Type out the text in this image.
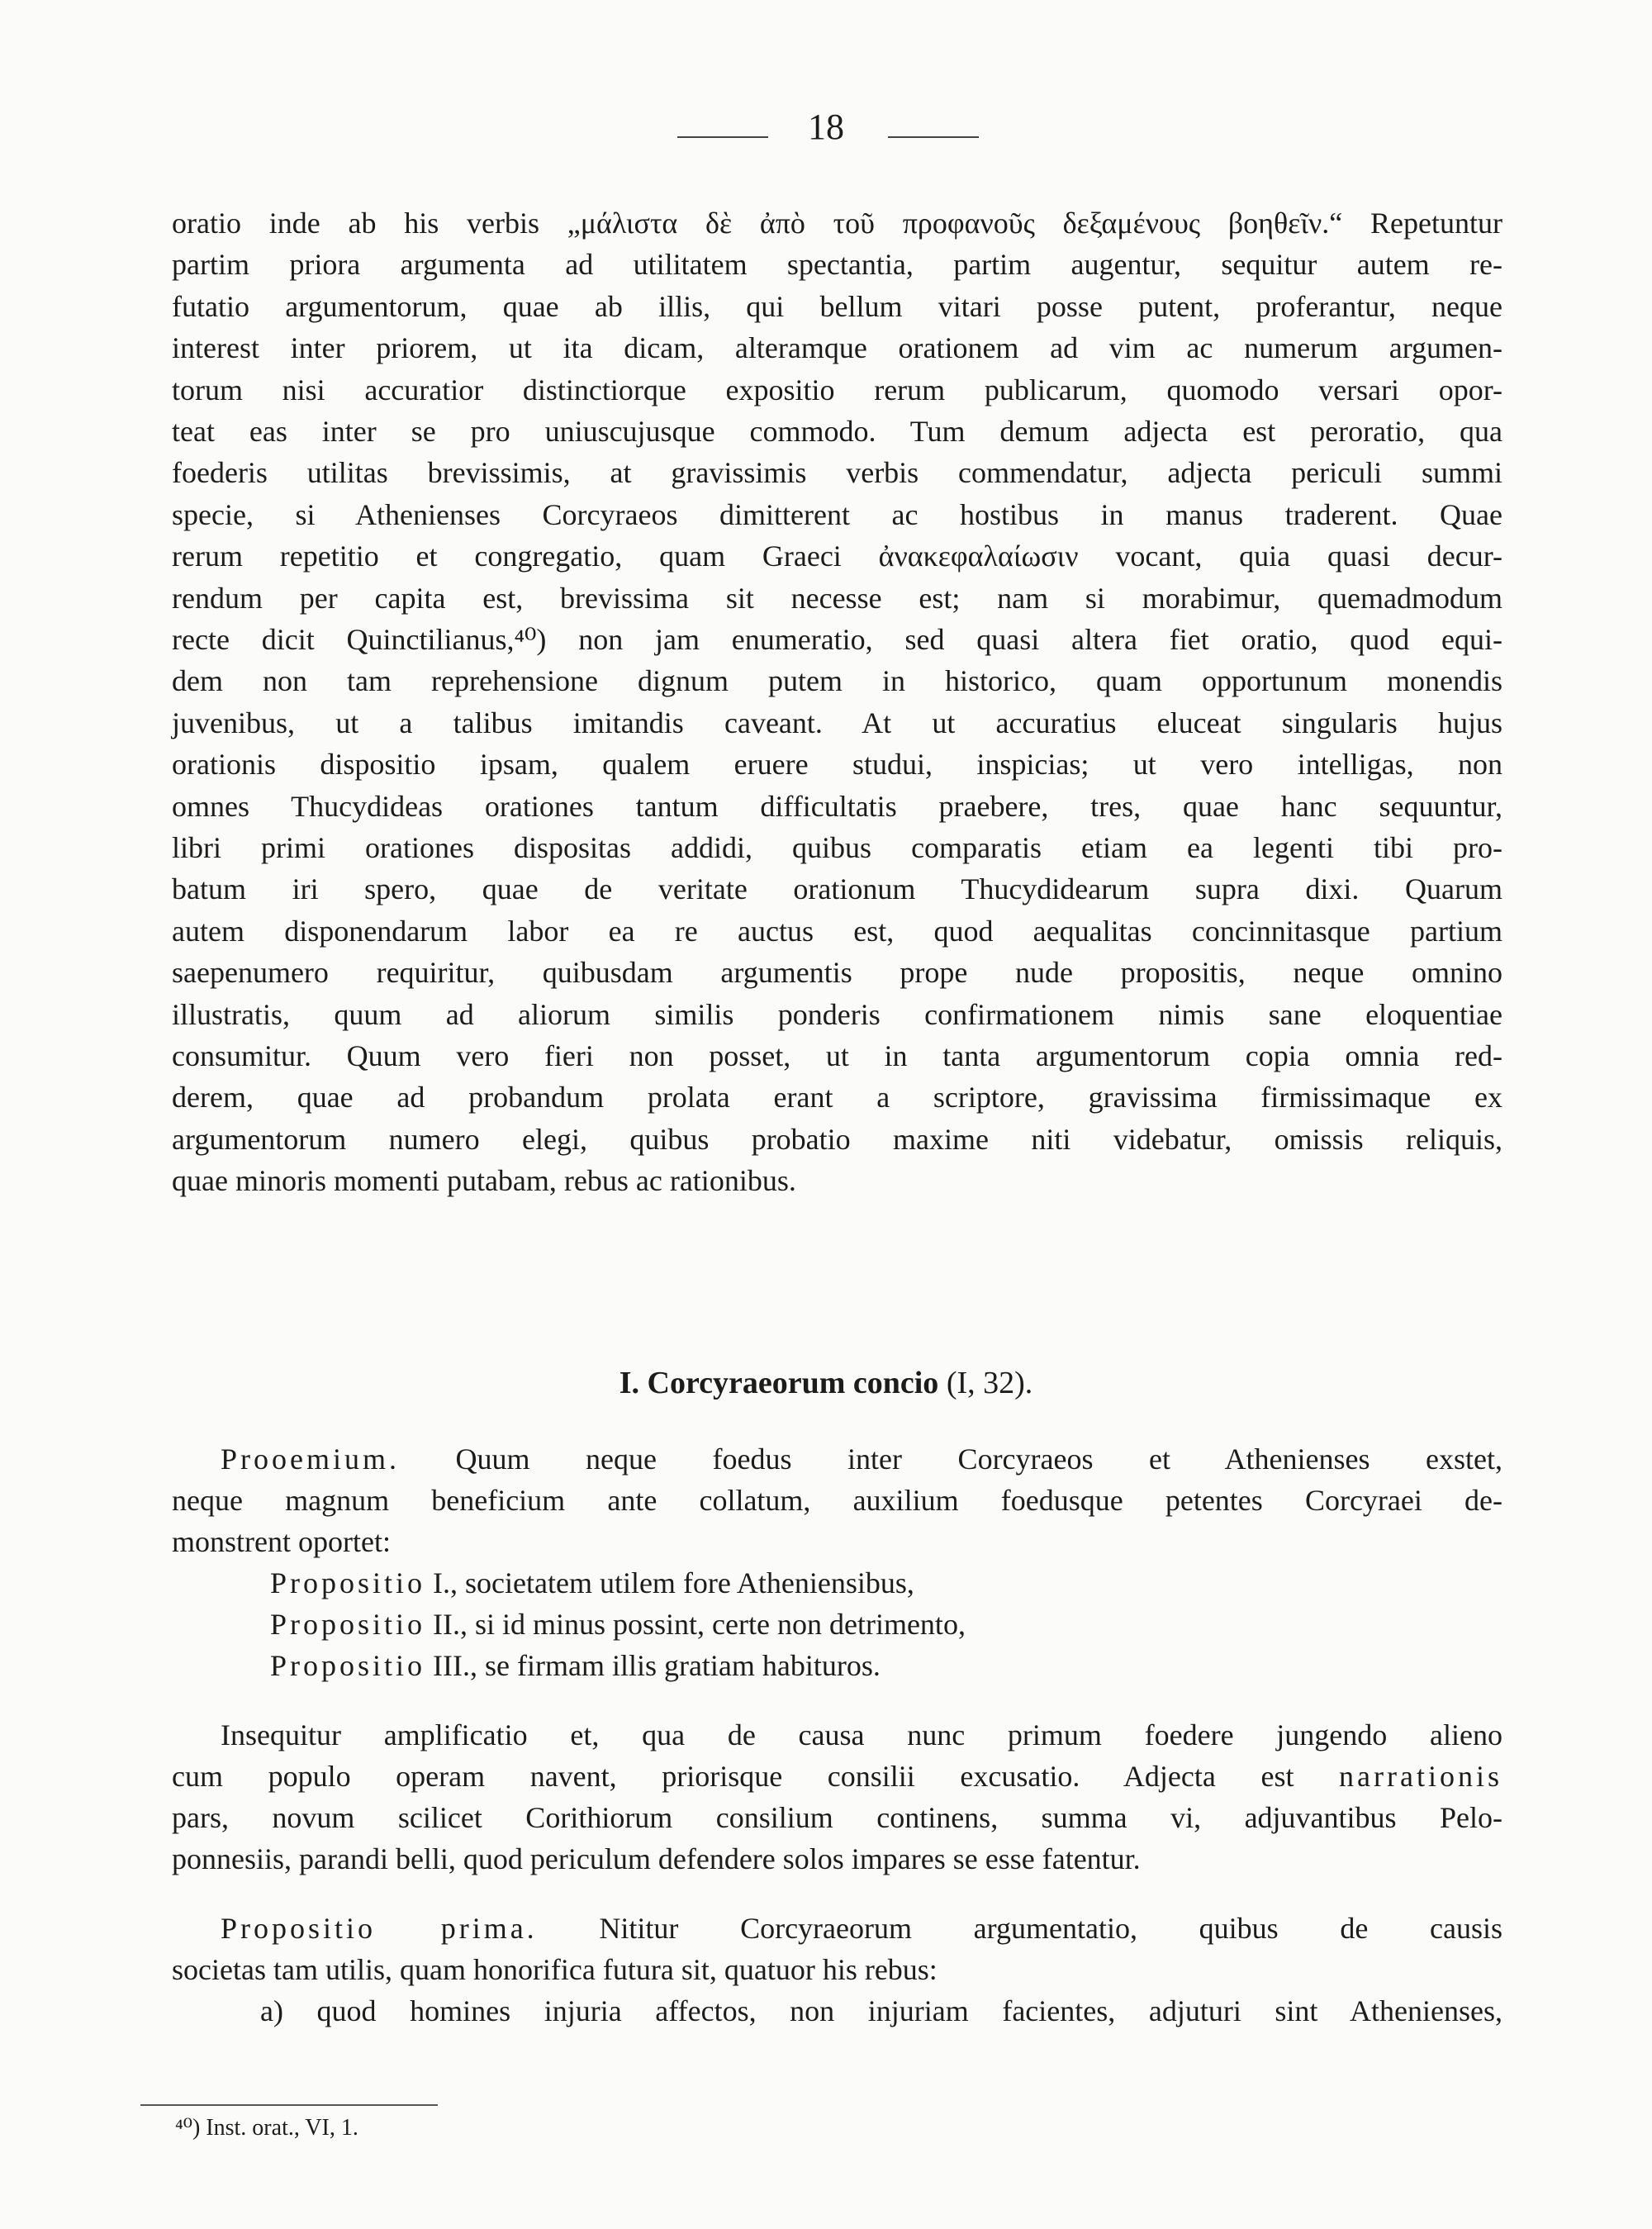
18
oratio inde ab his verbis „μάλιστα δὲ ἀπὸ τοῦ προφανοῦς δεξαμένους βοηθεῖν.“ Repetuntur
partim priora argumenta ad utilitatem spectantia, partim augentur, sequitur autem re-
futatio argumentorum, quae ab illis, qui bellum vitari posse putent, proferantur, neque
interest inter priorem, ut ita dicam, alteramque orationem ad vim ac numerum argumen-
torum nisi accuratior distinctiorque expositio rerum publicarum, quomodo versari opor-
teat eas inter se pro uniuscujusque commodo. Tum demum adjecta est peroratio, qua
foederis utilitas brevissimis, at gravissimis verbis commendatur, adjecta periculi summi
specie, si Athenienses Corcyraeos dimitterent ac hostibus in manus traderent. Quae
rerum repetitio et congregatio, quam Graeci ἀνακεφαλαίωσιν vocant, quia quasi decur-
rendum per capita est, brevissima sit necesse est; nam si morabimur, quemadmodum
recte dicit Quinctilianus,⁴⁰) non jam enumeratio, sed quasi altera fiet oratio, quod equi-
dem non tam reprehensione dignum putem in historico, quam opportunum monendis
juvenibus, ut a talibus imitandis caveant. At ut accuratius eluceat singularis hujus
orationis dispositio ipsam, qualem eruere studui, inspicias; ut vero intelligas, non
omnes Thucydideas orationes tantum difficultatis praebere, tres, quae hanc sequuntur,
libri primi orationes dispositas addidi, quibus comparatis etiam ea legenti tibi pro-
batum iri spero, quae de veritate orationum Thucydidearum supra dixi. Quarum
autem disponendarum labor ea re auctus est, quod aequalitas concinnitasque partium
saepenumero requiritur, quibusdam argumentis prope nude propositis, neque omnino
illustratis, quum ad aliorum similis ponderis confirmationem nimis sane eloquentiae
consumitur. Quum vero fieri non posset, ut in tanta argumentorum copia omnia red-
derem, quae ad probandum prolata erant a scriptore, gravissima firmissimaque ex
argumentorum numero elegi, quibus probatio maxime niti videbatur, omissis reliquis,
quae minoris momenti putabam, rebus ac rationibus.
I. Corcyraeorum concio (I, 32).
Prooemium. Quum neque foedus inter Corcyraeos et Athenienses exstet,
neque magnum beneficium ante collatum, auxilium foedusque petentes Corcyraei de-
monstrent oportet:
Propositio I., societatem utilem fore Atheniensibus,
Propositio II., si id minus possint, certe non detrimento,
Propositio III., se firmam illis gratiam habituros.
Insequitur amplificatio et, qua de causa nunc primum foedere jungendo alieno
cum populo operam navent, priorisque consilii excusatio. Adjecta est narrationis
pars, novum scilicet Corithiorum consilium continens, summa vi, adjuvantibus Pelo-
ponnesiis, parandi belli, quod periculum defendere solos impares se esse fatentur.
Propositio prima. Nititur Corcyraeorum argumentatio, quibus de causis
societas tam utilis, quam honorifica futura sit, quatuor his rebus:
a) quod homines injuria affectos, non injuriam facientes, adjuturi sint Athenienses,
⁴⁰) Inst. orat., VI, 1.
